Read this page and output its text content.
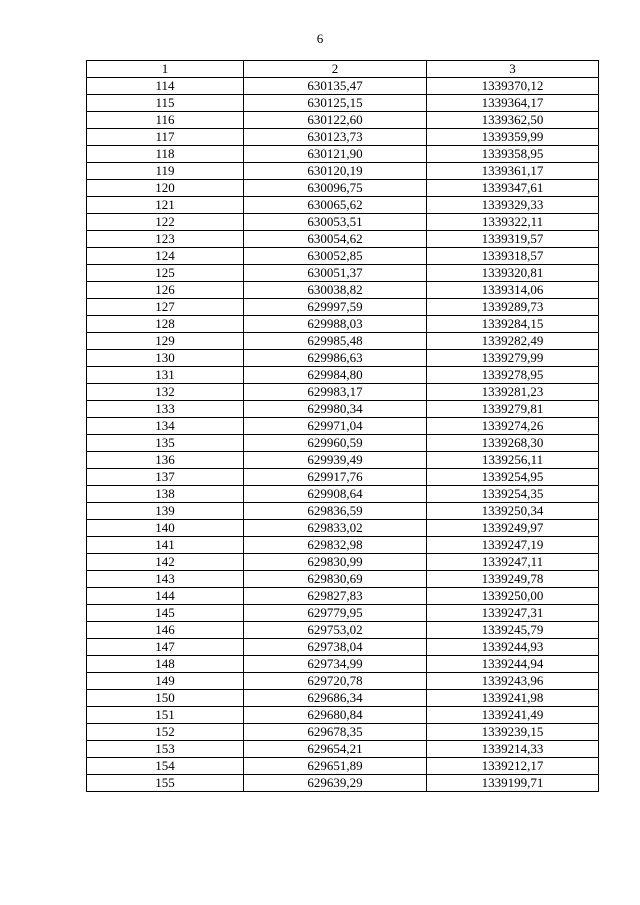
6
1	2	3
114	630135,47	1339370,12
115	630125,15	1339364,17
116	630122,60	1339362,50
117	630123,73	1339359,99
118	630121,90	1339358,95
119	630120,19	1339361,17
120	630096,75	1339347,61
121	630065,62	1339329,33
122	630053,51	1339322,11
123	630054,62	1339319,57
124	630052,85	1339318,57
125	630051,37	1339320,81
126	630038,82	1339314,06
127	629997,59	1339289,73
128	629988,03	1339284,15
129	629985,48	1339282,49
130	629986,63	1339279,99
131	629984,80	1339278,95
132	629983,17	1339281,23
133	629980,34	1339279,81
134	629971,04	1339274,26
135	629960,59	1339268,30
136	629939,49	1339256,11
137	629917,76	1339254,95
138	629908,64	1339254,35
139	629836,59	1339250,34
140	629833,02	1339249,97
141	629832,98	1339247,19
142	629830,99	1339247,11
143	629830,69	1339249,78
144	629827,83	1339250,00
145	629779,95	1339247,31
146	629753,02	1339245,79
147	629738,04	1339244,93
148	629734,99	1339244,94
149	629720,78	1339243,96
150	629686,34	1339241,98
151	629680,84	1339241,49
152	629678,35	1339239,15
153	629654,21	1339214,33
154	629651,89	1339212,17
155	629639,29	1339199,71
